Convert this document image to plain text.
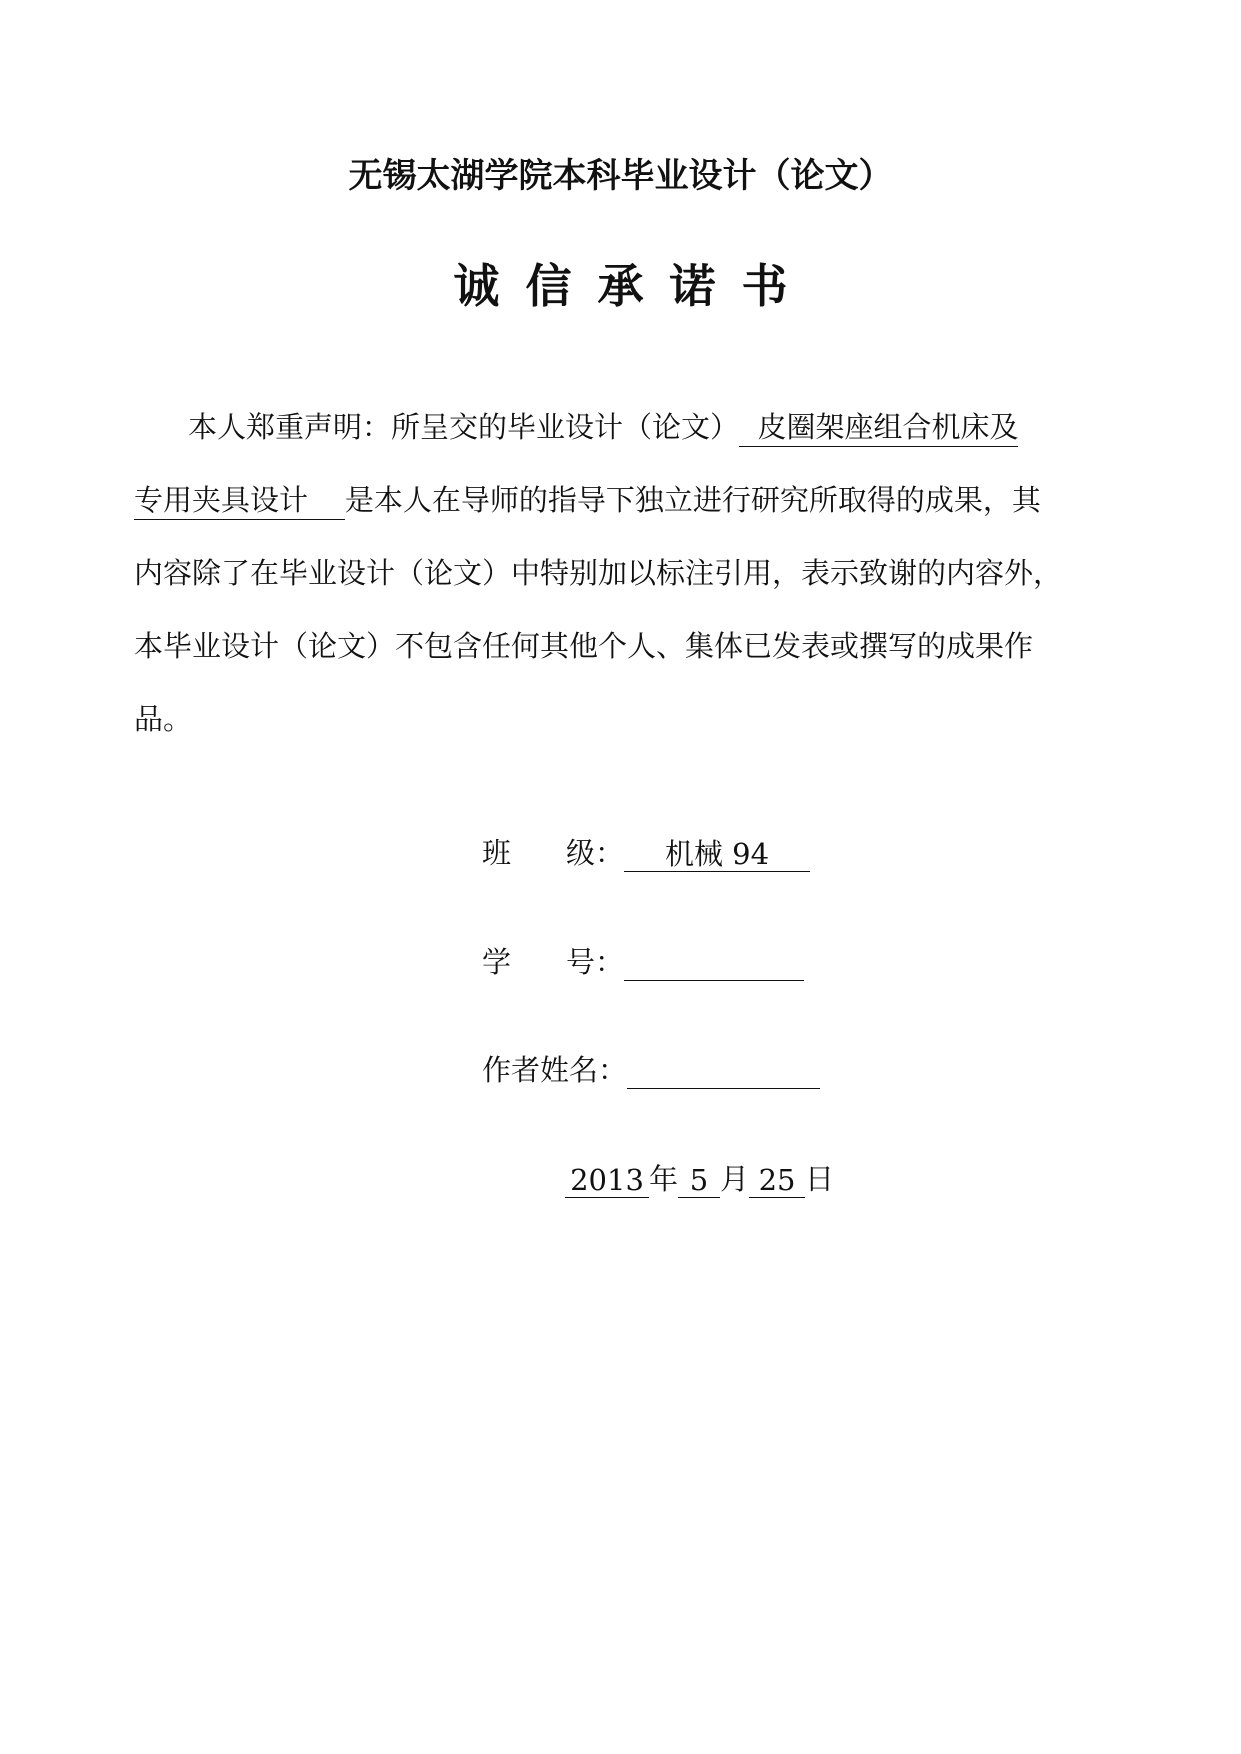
无锡太湖学院本科毕业设计（论文）
诚信承诺书
本人郑重声明：所呈交的毕业设计（论文）  皮圈架座组合机床及
专用夹具设计    是本人在导师的指导下独立进行研究所取得的成果，其
内容除了在毕业设计（论文）中特别加以标注引用，表示致谢的内容外，
本毕业设计（论文）不包含任何其他个人、集体已发表或撰写的成果作
品。
班 级： 机械 94
学 号：
作者姓名：
2013 年 5 月 25 日
